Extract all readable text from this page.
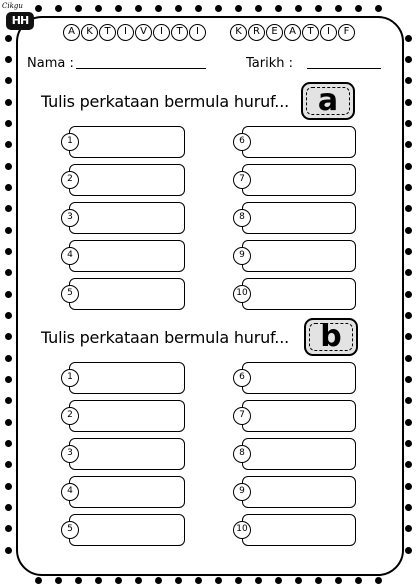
Cikgu
HH
A	K	T	I	V	I	T	I	K	R	E	A	T	I	F
Nama :	Tarikh :
Tulis perkataan bermula huruf... a
1
2
3
4
5
6
7
8
9
10
Tulis perkataan bermula huruf...	b
1
2
3
4
5
6
7
8
9
10
